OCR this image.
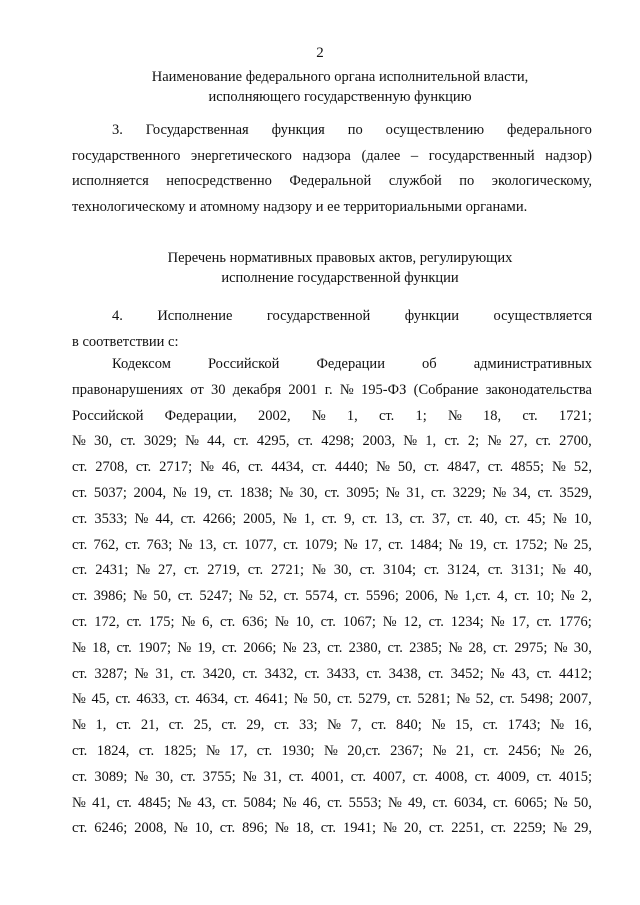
2
Наименование федерального органа исполнительной власти,
исполняющего государственную функцию
3. Государственная функция по осуществлению федерального
государственного энергетического надзора (далее – государственный надзор)
исполняется непосредственно Федеральной службой по экологическому,
технологическому и атомному надзору и ее территориальными органами.
Перечень нормативных правовых актов, регулирующих
исполнение государственной функции
4. Исполнение государственной функции осуществляется
в соответствии с:
Кодексом	Российской	Федерации	об	административных
правонарушениях от 30 декабря 2001 г. № 195-ФЗ (Собрание законодательства
Российской Федерации, 2002, № 1, ст. 1; № 18, ст. 1721;
№ 30, ст. 3029; № 44, ст. 4295, ст. 4298; 2003, № 1, ст. 2; № 27, ст. 2700,
ст. 2708, ст. 2717; № 46, ст. 4434, ст. 4440; № 50, ст. 4847, ст. 4855; № 52,
ст. 5037; 2004, № 19, ст. 1838; № 30, ст. 3095; № 31, ст. 3229; № 34, ст. 3529,
ст. 3533; № 44, ст. 4266; 2005, № 1, ст. 9, ст. 13, ст. 37, ст. 40, ст. 45; № 10,
ст. 762, ст. 763; № 13, ст. 1077, ст. 1079; № 17, ст. 1484; № 19, ст. 1752; № 25,
ст. 2431; № 27, ст. 2719, ст. 2721; № 30, ст. 3104; ст. 3124, ст. 3131; № 40,
ст. 3986; № 50, ст. 5247; № 52, ст. 5574, ст. 5596; 2006, № 1,ст. 4, ст. 10; № 2,
ст. 172, ст. 175; № 6, ст. 636; № 10, ст. 1067; № 12, ст. 1234; № 17, ст. 1776;
№ 18, ст. 1907; № 19, ст. 2066; № 23, ст. 2380, ст. 2385; № 28, ст. 2975; № 30,
ст. 3287; № 31, ст. 3420, ст. 3432, ст. 3433, ст. 3438, ст. 3452; № 43, ст. 4412;
№ 45, ст. 4633, ст. 4634, ст. 4641; № 50, ст. 5279, ст. 5281; № 52, ст. 5498; 2007,
№ 1, ст. 21, ст. 25, ст. 29, ст. 33; № 7, ст. 840; № 15, ст. 1743; № 16,
ст. 1824, ст. 1825; № 17, ст. 1930; № 20,ст. 2367; № 21, ст. 2456; № 26,
ст. 3089; № 30, ст. 3755; № 31, ст. 4001, ст. 4007, ст. 4008, ст. 4009, ст. 4015;
№ 41, ст. 4845; № 43, ст. 5084; № 46, ст. 5553; № 49, ст. 6034, ст. 6065; № 50,
ст. 6246; 2008, № 10, ст. 896; № 18, ст. 1941; № 20, ст. 2251, ст. 2259; № 29,
